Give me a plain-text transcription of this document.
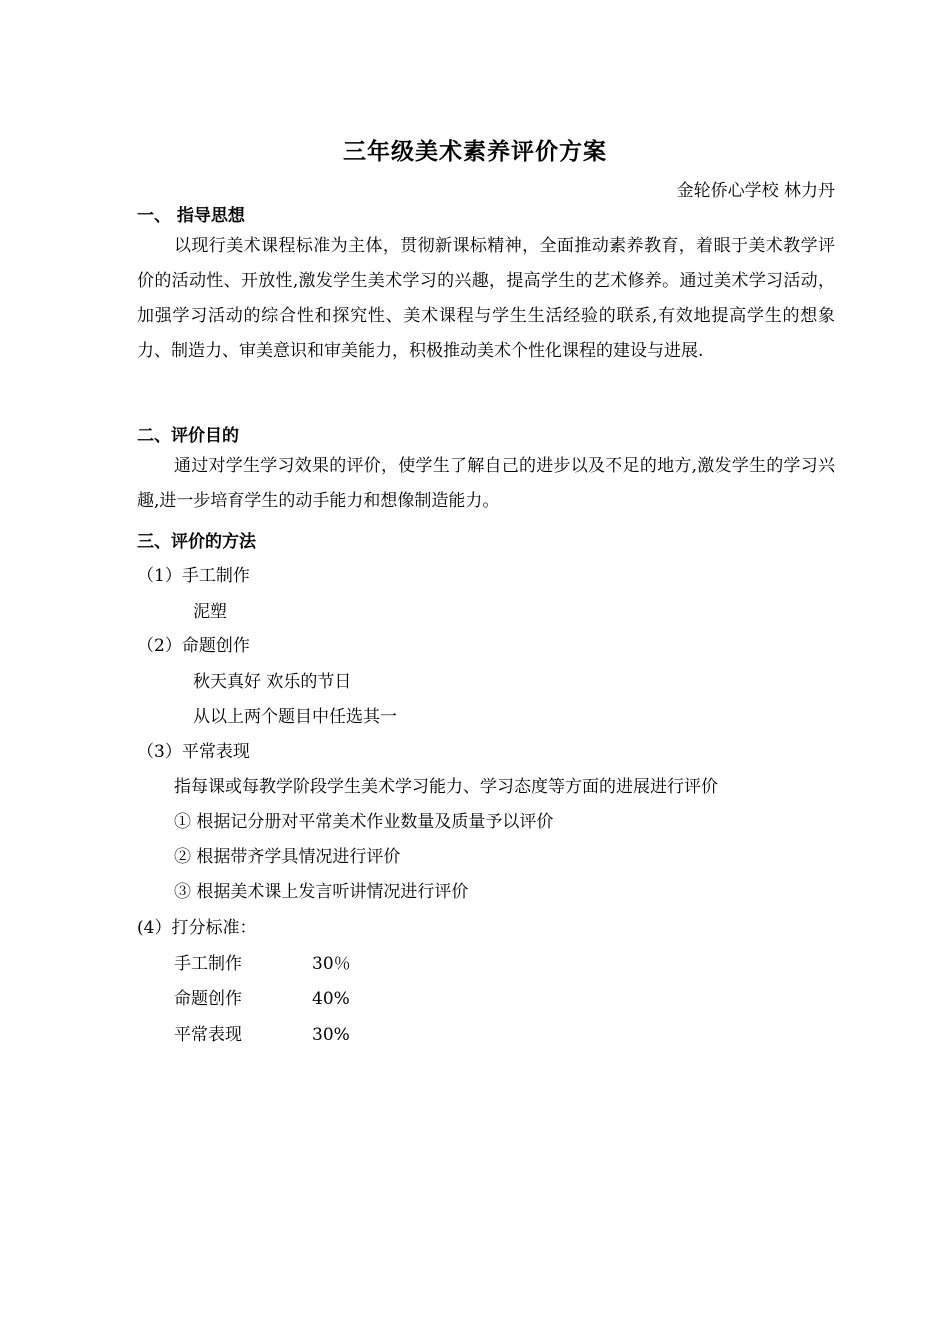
三年级美术素养评价方案
金轮侨心学校 林力丹
一、 指导思想
以现行美术课程标准为主体，贯彻新课标精神，全面推动素养教育，着眼于美术教学评价的活动性、开放性,激发学生美术学习的兴趣，提高学生的艺术修养。通过美术学习活动，加强学习活动的综合性和探究性、美术课程与学生生活经验的联系,有效地提高学生的想象力、制造力、审美意识和审美能力，积极推动美术个性化课程的建设与进展.
二、评价目的
通过对学生学习效果的评价，使学生了解自己的进步以及不足的地方,激发学生的学习兴趣,进一步培育学生的动手能力和想像制造能力。
三、评价的方法
（1）手工制作
泥塑
（2）命题创作
秋天真好 欢乐的节日
从以上两个题目中任选其一
（3）平常表现
指每课或每教学阶段学生美术学习能力、学习态度等方面的进展进行评价
① 根据记分册对平常美术作业数量及质量予以评价
② 根据带齐学具情况进行评价
③ 根据美术课上发言听讲情况进行评价
(4）打分标准：
手工制作	30％
命题创作	40%
平常表现	30%
